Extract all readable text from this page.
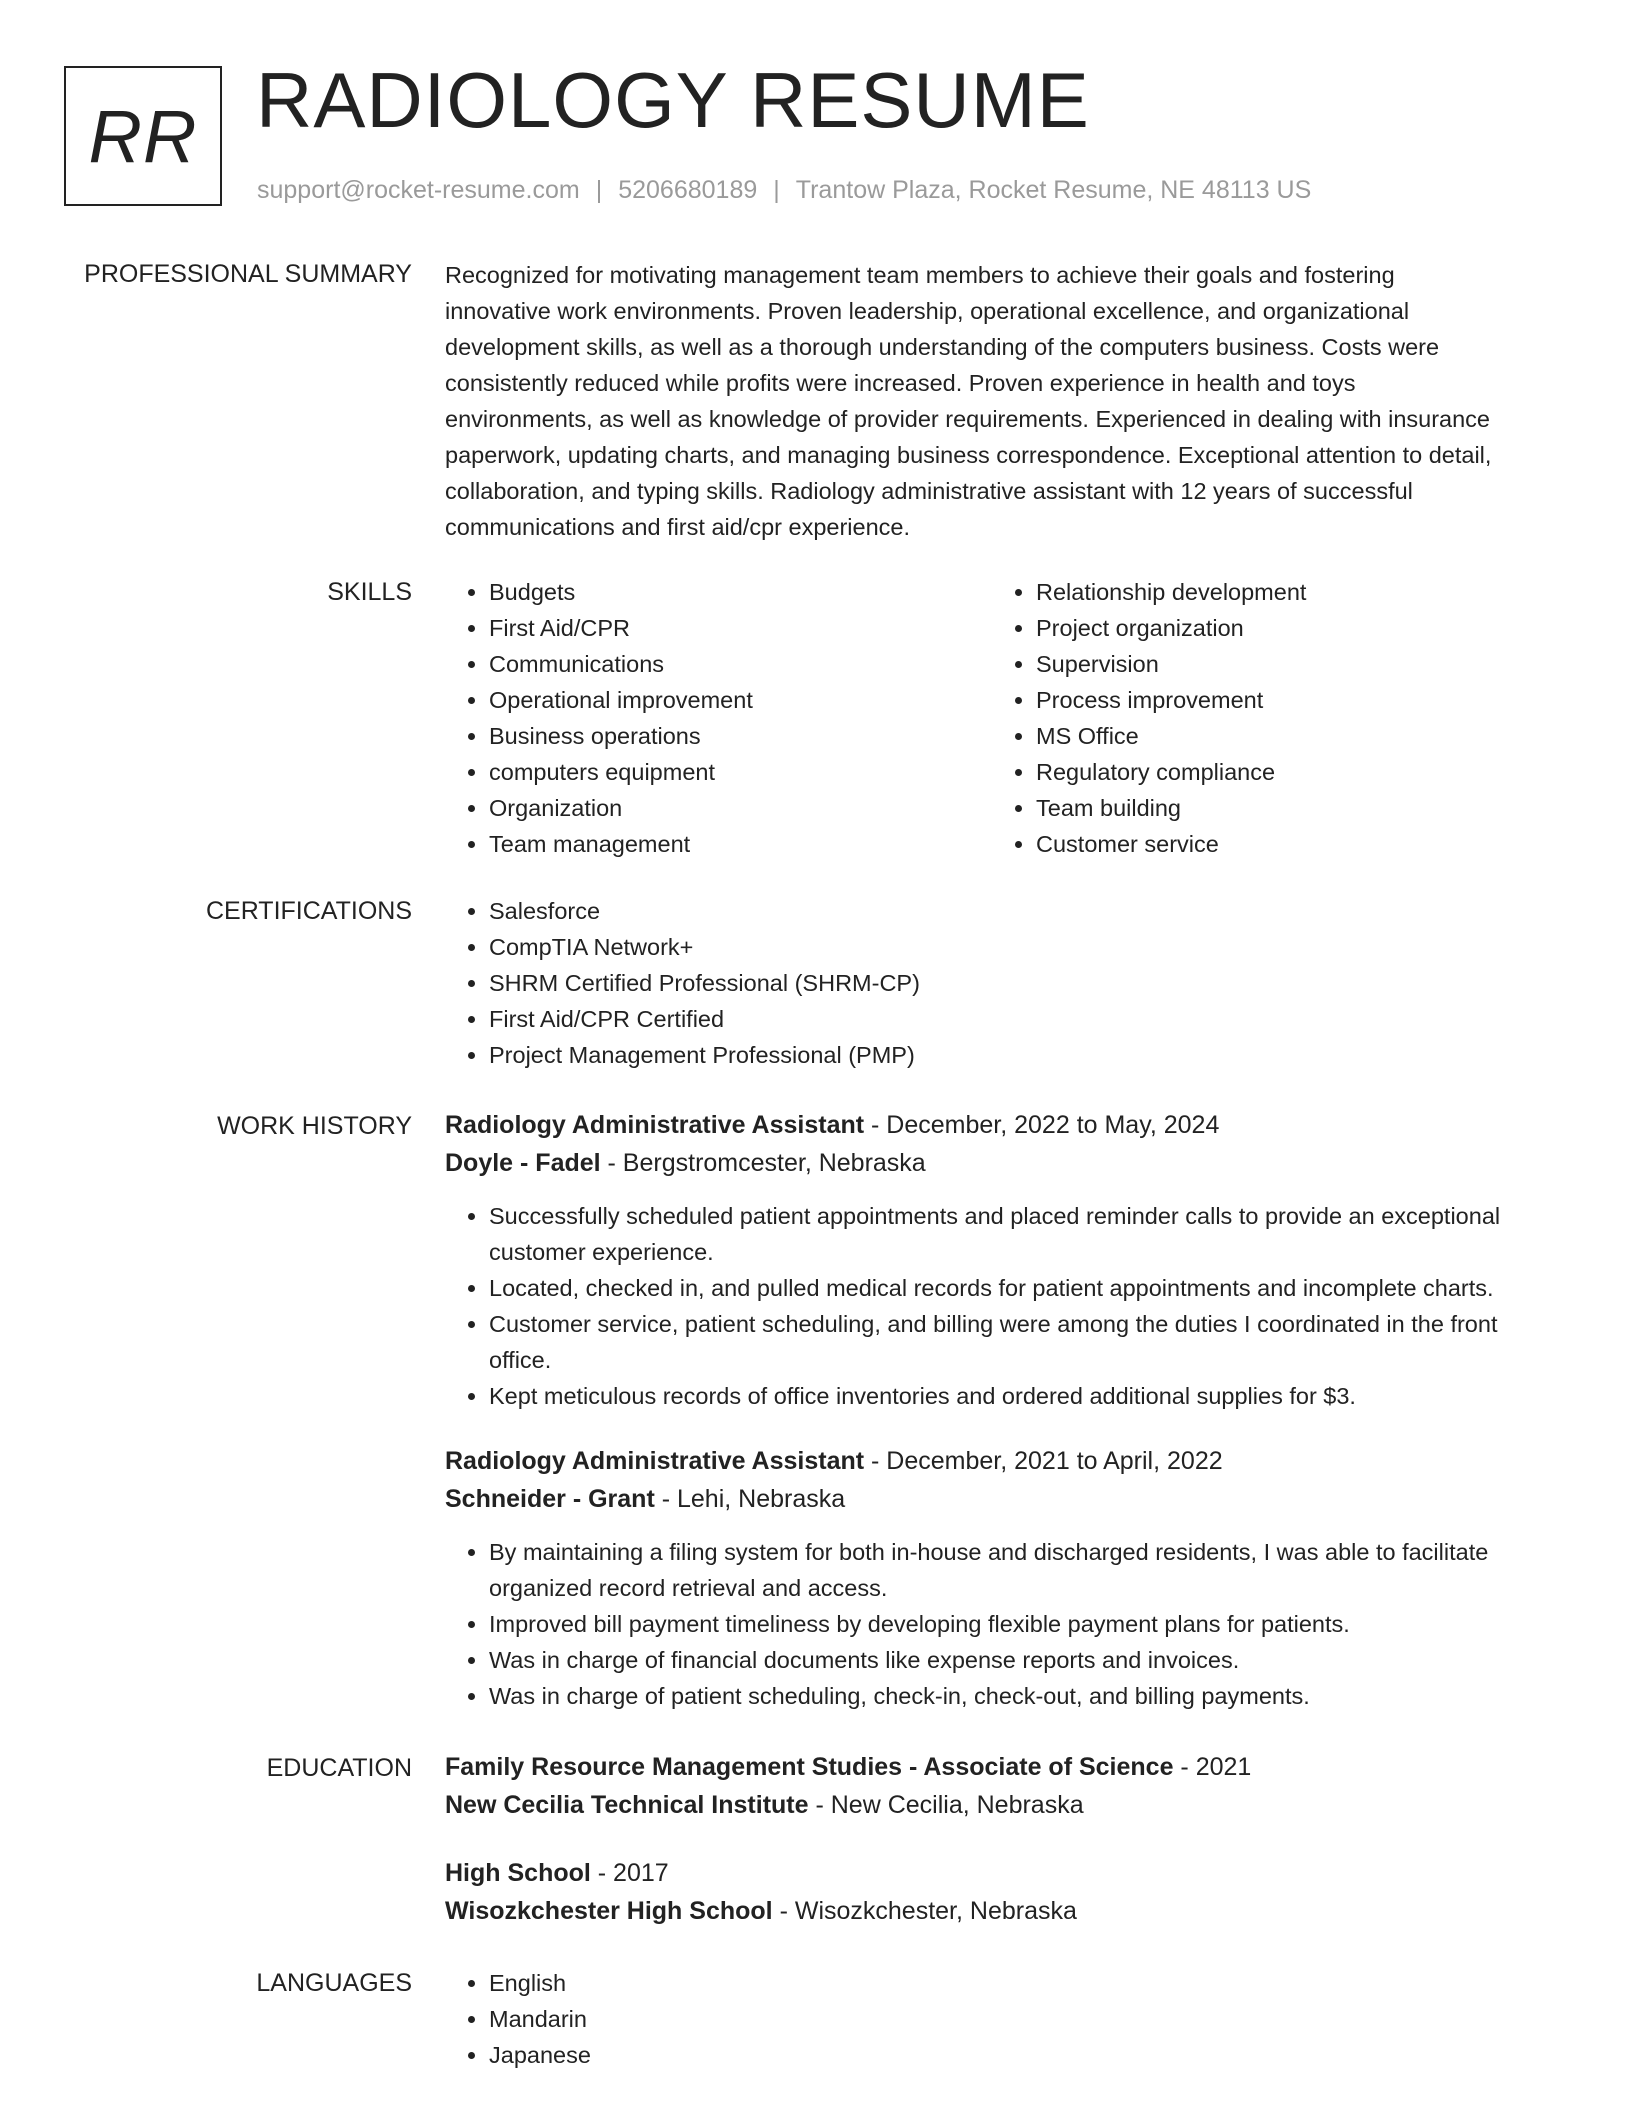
RR RADIOLOGY RESUME
support@rocket-resume.com | 5206680189 | Trantow Plaza, Rocket Resume, NE 48113 US
PROFESSIONAL SUMMARY Recognized for motivating management team members to achieve their goals and fostering
innovative work environments. Proven leadership, operational excellence, and organizational
development skills, as well as a thorough understanding of the computers business. Costs were
consistently reduced while profits were increased. Proven experience in health and toys
environments, as well as knowledge of provider requirements. Experienced in dealing with insurance
paperwork, updating charts, and managing business correspondence. Exceptional attention to detail,
collaboration, and typing skills. Radiology administrative assistant with 12 years of successful
communications and first aid/cpr experience.

SKILLS	• Budgets
• First Aid/CPR
• Communications
• Operational improvement
• Business operations
• computers equipment
• Organization
• Team management
• Relationship development
• Project organization
• Supervision
• Process improvement
• MS Office
• Regulatory compliance
• Team building
• Customer service
CERTIFICATIONS	• Salesforce
• CompTIA Network+
• SHRM Certified Professional (SHRM-CP)
• First Aid/CPR Certified
• Project Management Professional (PMP)
WORK HISTORY Radiology Administrative Assistant - December, 2022 to May, 2024
Doyle - Fadel - Bergstromcester, Nebraska
• Successfully scheduled patient appointments and placed reminder calls to provide an exceptional
customer experience.
• Located, checked in, and pulled medical records for patient appointments and incomplete charts.
• Customer service, patient scheduling, and billing were among the duties I coordinated in the front
office.
• Kept meticulous records of office inventories and ordered additional supplies for $3.
Radiology Administrative Assistant - December, 2021 to April, 2022
Schneider - Grant - Lehi, Nebraska
• By maintaining a filing system for both in-house and discharged residents, I was able to facilitate
organized record retrieval and access.
• Improved bill payment timeliness by developing flexible payment plans for patients.
• Was in charge of financial documents like expense reports and invoices.
• Was in charge of patient scheduling, check-in, check-out, and billing payments.
EDUCATION Family Resource Management Studies - Associate of Science - 2021
New Cecilia Technical Institute - New Cecilia, Nebraska
High School - 2017
Wisozkchester High School - Wisozkchester, Nebraska
LANGUAGES	• English
• Mandarin
• Japanese
